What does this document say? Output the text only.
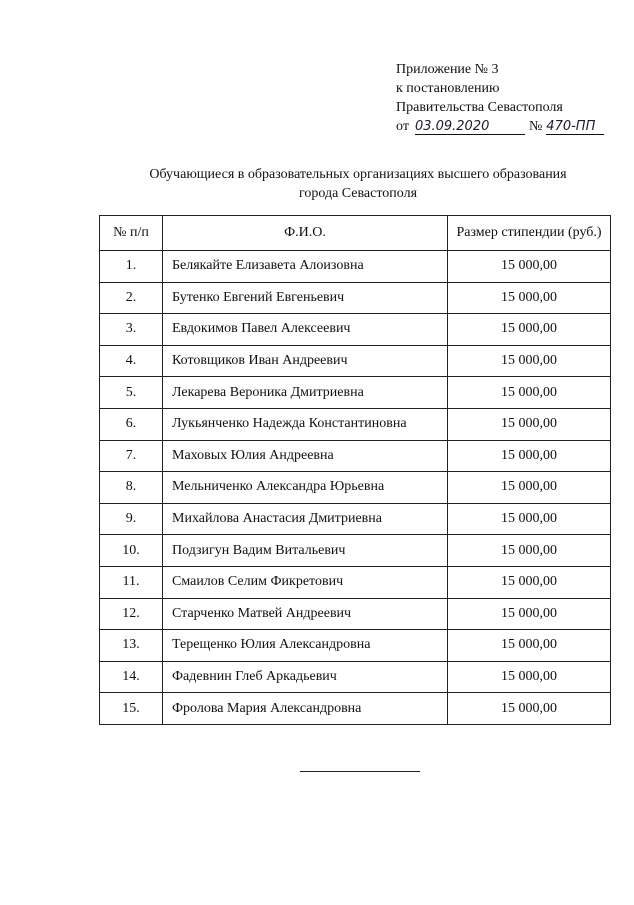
Приложение № 3
к постановлению
Правительства Севастополя
от 03.09.2020	№ 470-ПП
Обучающиеся в образовательных организациях высшего образования
города Севастополя
№ п/п	Ф.И.О.	Размер стипендии (руб.)
1.	Белякайте Елизавета Алоизовна	15 000,00
2.	Бутенко Евгений Евгеньевич	15 000,00
3.	Евдокимов Павел Алексеевич	15 000,00
4.	Котовщиков Иван Андреевич	15 000,00
5.	Лекарева Вероника Дмитриевна	15 000,00
6.	Лукьянченко Надежда Константиновна	15 000,00
7.	Маховых Юлия Андреевна	15 000,00
8.	Мельниченко Александра Юрьевна	15 000,00
9.	Михайлова Анастасия Дмитриевна	15 000,00
10.	Подзигун Вадим Витальевич	15 000,00
11.	Смаилов Селим Фикретович	15 000,00
12.	Старченко Матвей Андреевич	15 000,00
13.	Терещенко Юлия Александровна	15 000,00
14.	Фадевнин Глеб Аркадьевич	15 000,00
15.	Фролова Мария Александровна	15 000,00
